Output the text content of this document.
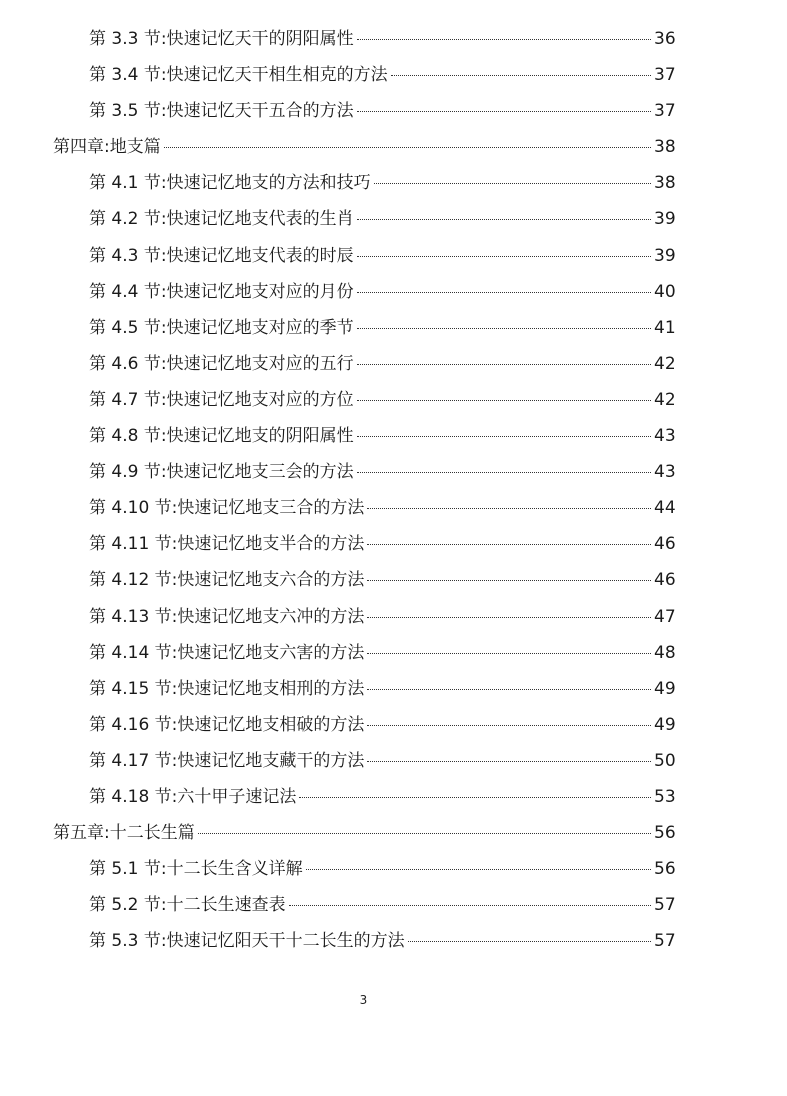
第 3.3 节:快速记忆天干的阴阳属性	36
第 3.4 节:快速记忆天干相生相克的方法	37
第 3.5 节:快速记忆天干五合的方法	37
第四章:地支篇	38
第 4.1 节:快速记忆地支的方法和技巧	38
第 4.2 节:快速记忆地支代表的生肖	39
第 4.3 节:快速记忆地支代表的时辰	39
第 4.4 节:快速记忆地支对应的月份	40
第 4.5 节:快速记忆地支对应的季节	41
第 4.6 节:快速记忆地支对应的五行	42
第 4.7 节:快速记忆地支对应的方位	42
第 4.8 节:快速记忆地支的阴阳属性	43
第 4.9 节:快速记忆地支三会的方法	43
第 4.10 节:快速记忆地支三合的方法	44
第 4.11 节:快速记忆地支半合的方法	46
第 4.12 节:快速记忆地支六合的方法	46
第 4.13 节:快速记忆地支六冲的方法	47
第 4.14 节:快速记忆地支六害的方法	48
第 4.15 节:快速记忆地支相刑的方法	49
第 4.16 节:快速记忆地支相破的方法	49
第 4.17 节:快速记忆地支藏干的方法	50
第 4.18 节:六十甲子速记法	53
第五章:十二长生篇	56
第 5.1 节:十二长生含义详解	56
第 5.2 节:十二长生速查表	57
第 5.3 节:快速记忆阳天干十二长生的方法	57
3
